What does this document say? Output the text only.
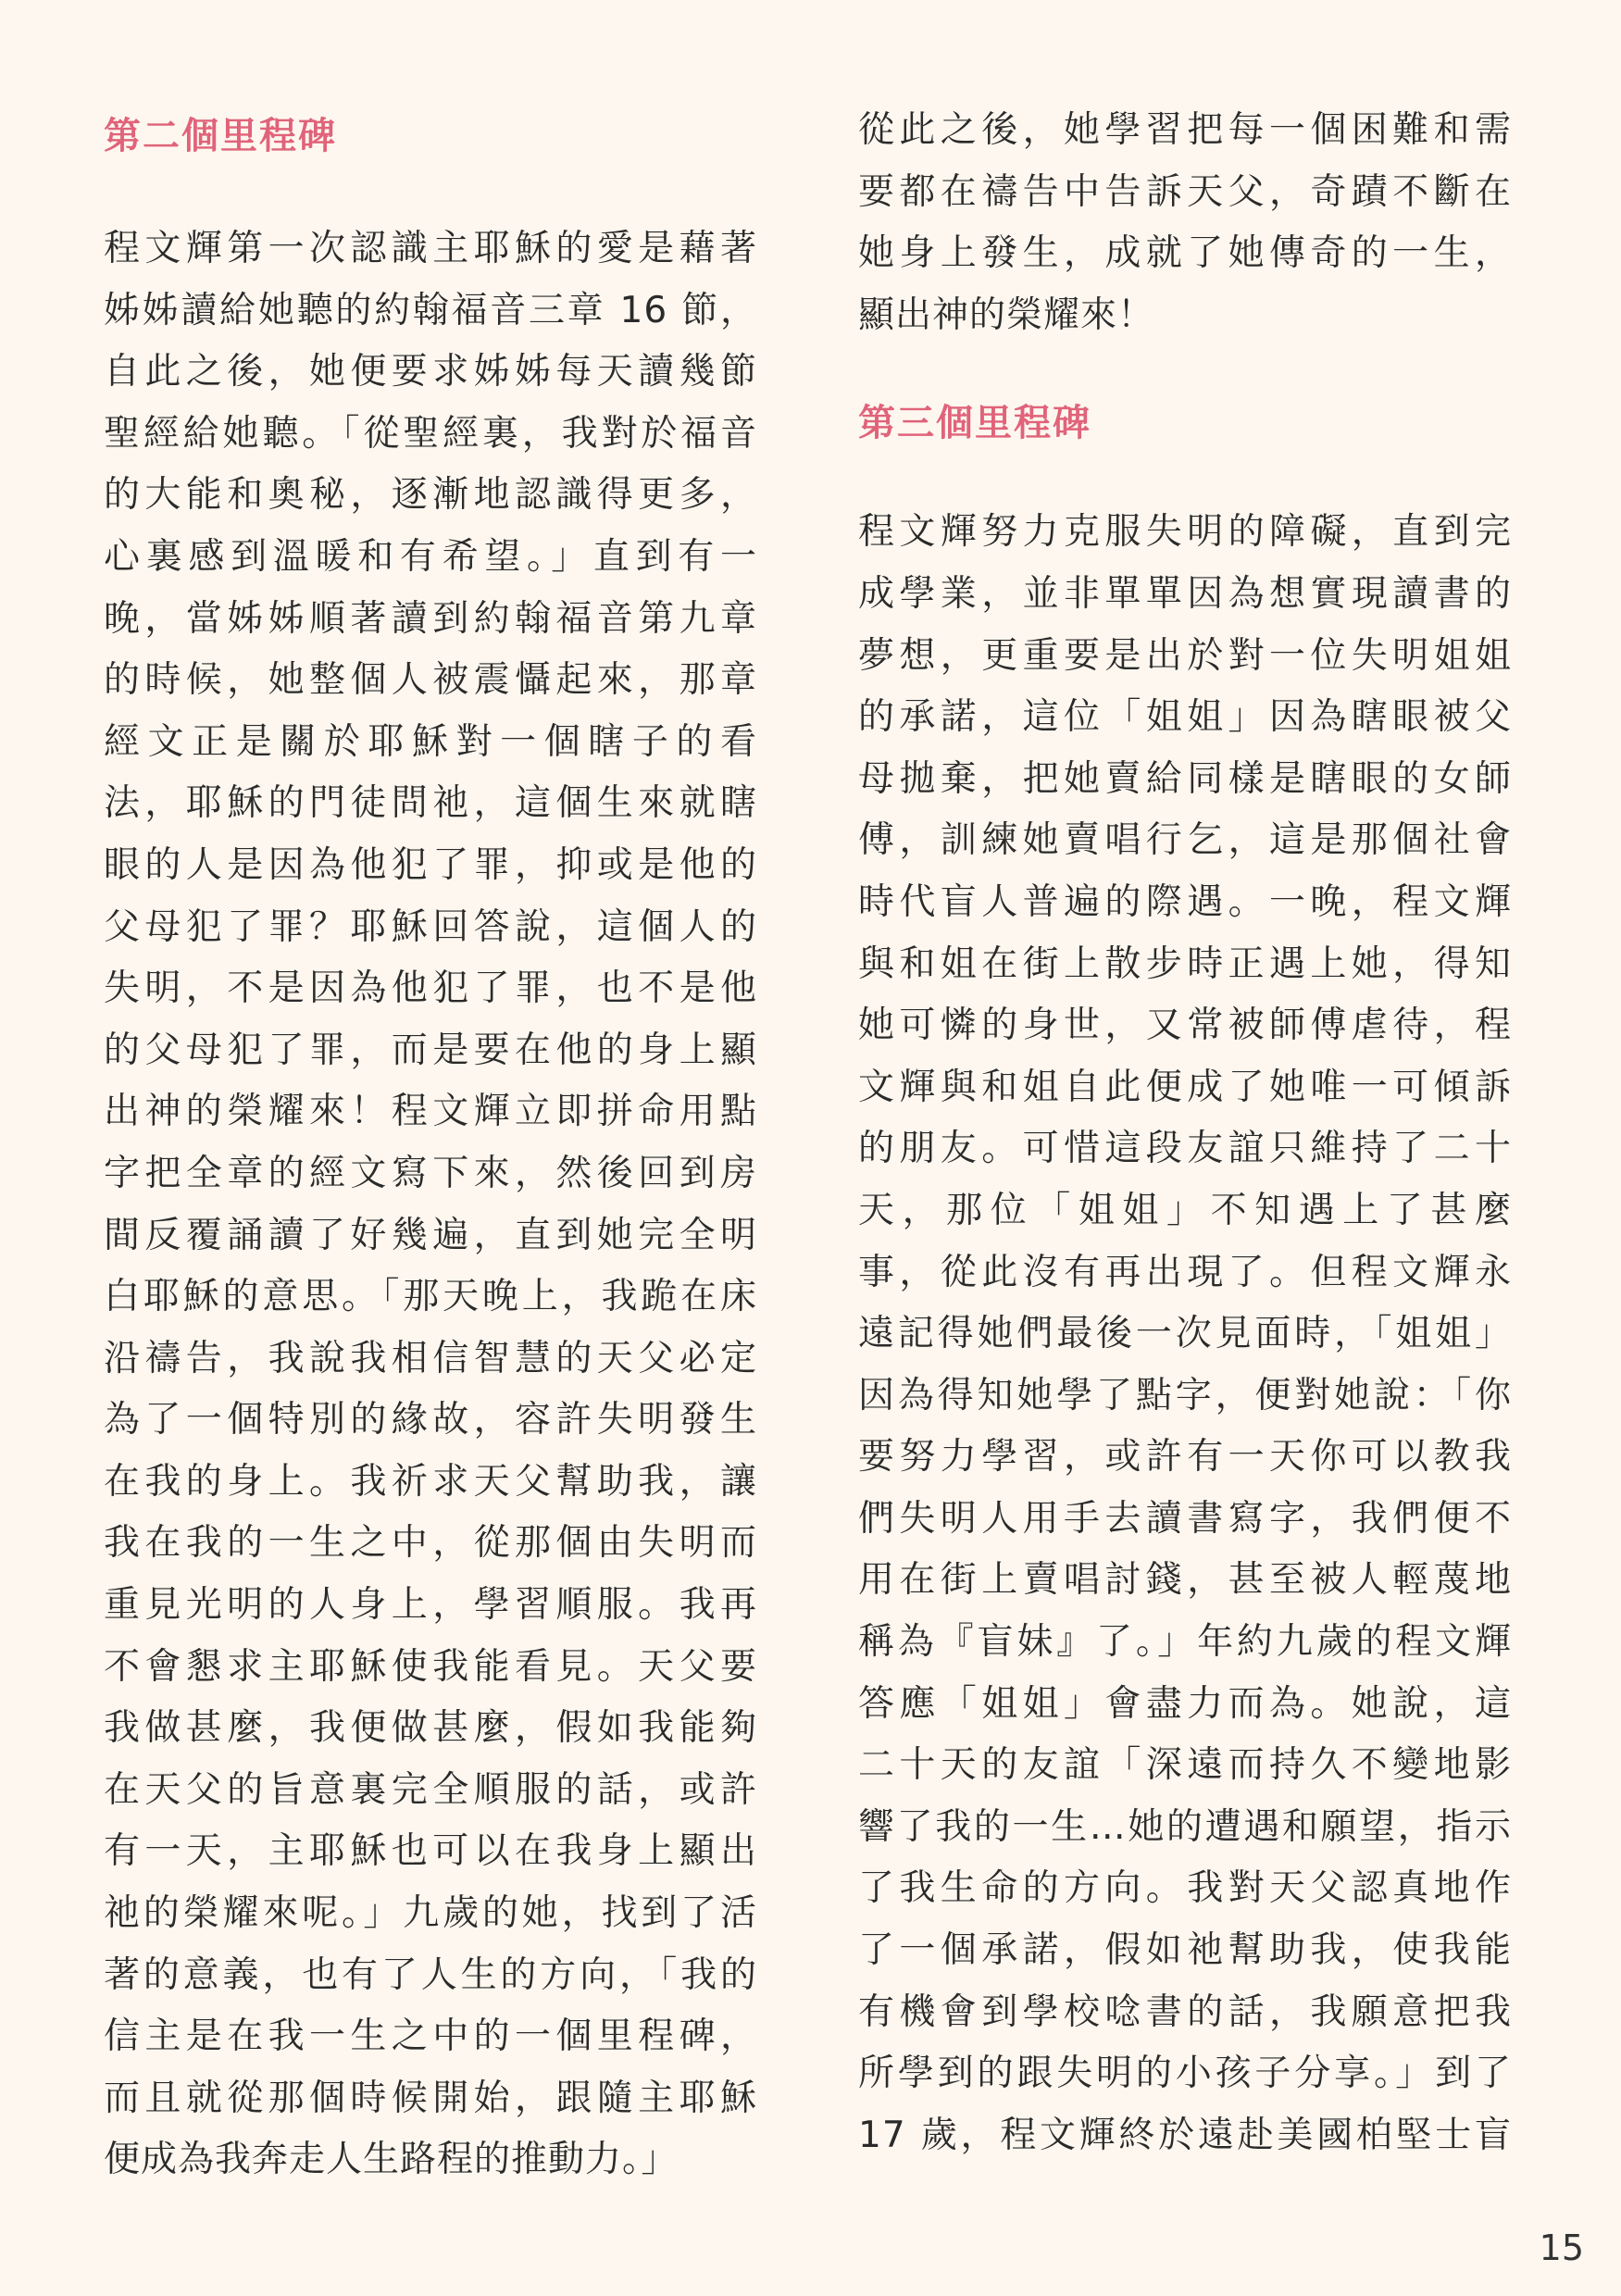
第二個里程碑
程文輝第一次認識主耶穌的愛是藉著
姊姊讀給她聽的約翰福音三章 16 節，
自此之後，她便要求姊姊每天讀幾節
聖經給她聽。「從聖經裏，我對於福音
的大能和奧秘，逐漸地認識得更多，
心裏感到溫暖和有希望。」直到有一
晚，當姊姊順著讀到約翰福音第九章
的時候，她整個人被震懾起來，那章
經文正是關於耶穌對一個瞎子的看
法，耶穌的門徒問祂，這個生來就瞎
眼的人是因為他犯了罪，抑或是他的
父母犯了罪？耶穌回答說，這個人的
失明，不是因為他犯了罪，也不是他
的父母犯了罪，而是要在他的身上顯
出神的榮耀來！程文輝立即拼命用點
字把全章的經文寫下來，然後回到房
間反覆誦讀了好幾遍，直到她完全明
白耶穌的意思。「那天晚上，我跪在床
沿禱告，我說我相信智慧的天父必定
為了一個特別的緣故，容許失明發生
在我的身上。我祈求天父幫助我，讓
我在我的一生之中，從那個由失明而
重見光明的人身上，學習順服。我再
不會懇求主耶穌使我能看見。天父要
我做甚麼，我便做甚麼，假如我能夠
在天父的旨意裏完全順服的話，或許
有一天，主耶穌也可以在我身上顯出
祂的榮耀來呢。」九歲的她，找到了活
著的意義，也有了人生的方向，「我的
信主是在我一生之中的一個里程碑，
而且就從那個時候開始，跟隨主耶穌
便成為我奔走人生路程的推動力。」
從此之後，她學習把每一個困難和需
要都在禱告中告訴天父，奇蹟不斷在
她身上發生，成就了她傳奇的一生，
顯出神的榮耀來！
第三個里程碑
程文輝努力克服失明的障礙，直到完
成學業，並非單單因為想實現讀書的
夢想，更重要是出於對一位失明姐姐
的承諾，這位「姐姐」因為瞎眼被父
母拋棄，把她賣給同樣是瞎眼的女師
傅，訓練她賣唱行乞，這是那個社會
時代盲人普遍的際遇。一晚，程文輝
與和姐在街上散步時正遇上她，得知
她可憐的身世，又常被師傅虐待，程
文輝與和姐自此便成了她唯一可傾訴
的朋友。可惜這段友誼只維持了二十
天，那位「姐姐」不知遇上了甚麼
事，從此沒有再出現了。但程文輝永
遠記得她們最後一次見面時，「姐姐」
因為得知她學了點字，便對她說：「你
要努力學習，或許有一天你可以教我
們失明人用手去讀書寫字，我們便不
用在街上賣唱討錢，甚至被人輕蔑地
稱為『盲妹』了。」年約九歲的程文輝
答應「姐姐」會盡力而為。她說，這
二十天的友誼「深遠而持久不變地影
響了我的一生…她的遭遇和願望，指示
了我生命的方向。我對天父認真地作
了一個承諾，假如祂幫助我，使我能
有機會到學校唸書的話，我願意把我
所學到的跟失明的小孩子分享。」到了
17 歲，程文輝終於遠赴美國柏堅士盲
15
